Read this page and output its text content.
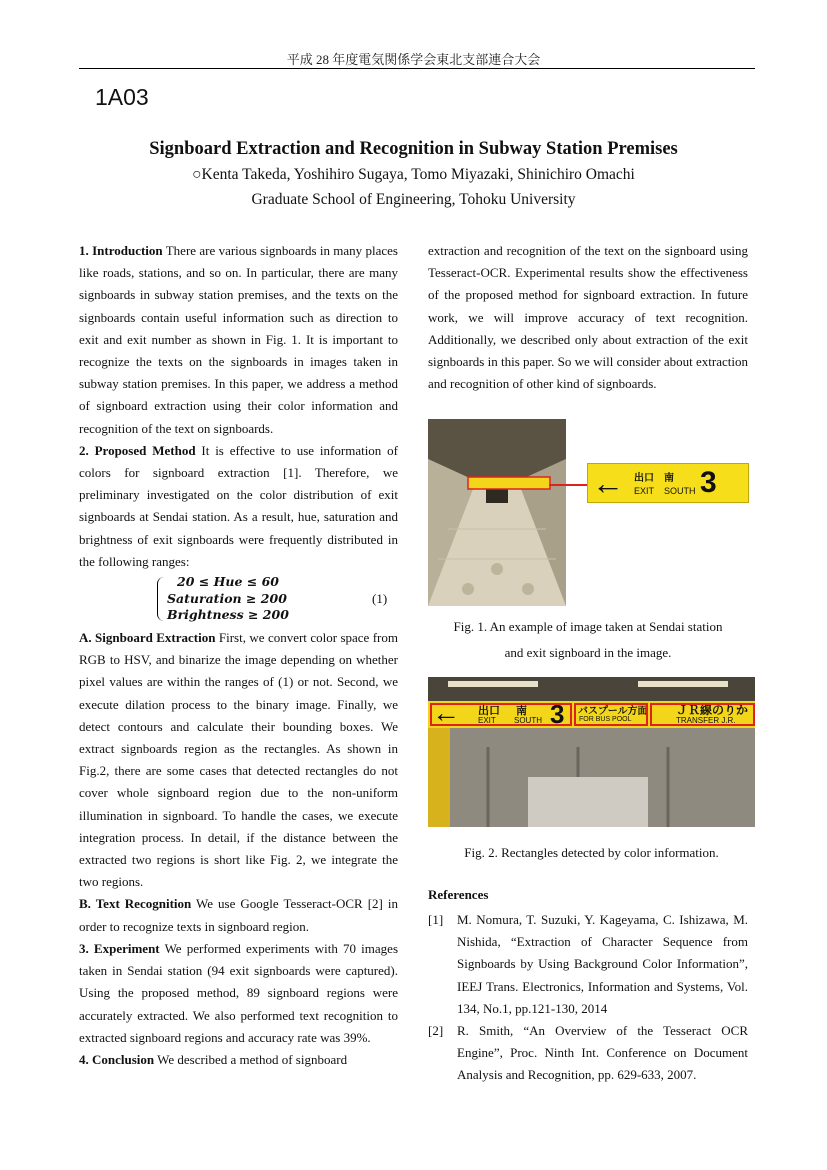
平成 28 年度電気関係学会東北支部連合大会
1A03
Signboard Extraction and Recognition in Subway Station Premises
○Kenta Takeda, Yoshihiro Sugaya, Tomo Miyazaki, Shinichiro Omachi
Graduate School of Engineering, Tohoku University

1. Introduction There are various signboards in many places like roads, stations, and so on. In particular, there are many signboards in subway station premises, and the texts on the signboards contain useful information such as direction to exit and exit number as shown in Fig. 1. It is important to recognize the texts on the signboards in images taken in subway station premises. In this paper, we address a method of signboard extraction using their color information and recognition of the text on signboards.

2. Proposed Method It is effective to use information of colors for signboard extraction [1]. Therefore, we preliminary investigated on the color distribution of exit signboards at Sendai station. As a result, hue, saturation and brightness of exit signboards were frequently distributed in the following ranges:

20 ≤ Hue ≤ 60
Saturation ≥ 200
Brightness ≥ 200
(1)

A. Signboard Extraction First, we convert color space from RGB to HSV, and binarize the image depending on whether pixel values are within the ranges of (1) or not. Second, we execute dilation process to the binary image. Finally, we detect contours and calculate their bounding boxes. We extract signboards region as the rectangles. As shown in Fig.2, there are some cases that detected rectangles do not cover whole signboard region due to the non-uniform illumination in signboard. To handle the cases, we execute integration process. In detail, if the distance between the extracted two regions is short like Fig. 2, we integrate the two regions.

B. Text Recognition We use Google Tesseract-OCR [2] in order to recognize texts in signboard region.

3. Experiment We performed experiments with 70 images taken in Sendai station (94 exit signboards were captured). Using the proposed method, 89 signboard regions were accurately extracted. We also performed text recognition to extracted signboard regions and accuracy rate was 39%.

4. Conclusion We described a method of signboard

extraction and recognition of the text on the signboard using Tesseract-OCR. Experimental results show the effectiveness of the proposed method for signboard extraction. In future work, we will improve accuracy of text recognition. Additionally, we described only about extraction of the exit signboards in this paper. So we will consider about extraction and recognition of other kind of signboards.

← 出口 南
EXIT SOUTH 3
Fig. 1. An example of image taken at Sendai station
and exit signboard in the image.
← 出口 南
EXIT SOUTH 3 バスプール方面
FOR BUS POOL
ＪＲ線のりか
TRANSFER J.R.
Fig. 2. Rectangles detected by color information.
References
[1] M. Nomura, T. Suzuki, Y. Kageyama, C. Ishizawa, M. Nishida, “Extraction of Character Sequence from Signboards by Using Background Color Information”, IEEJ Trans. Electronics, Information and Systems, Vol. 134, No.1, pp.121-130, 2014
[2] R. Smith, “An Overview of the Tesseract OCR Engine”, Proc. Ninth Int. Conference on Document Analysis and Recognition, pp. 629-633, 2007.
